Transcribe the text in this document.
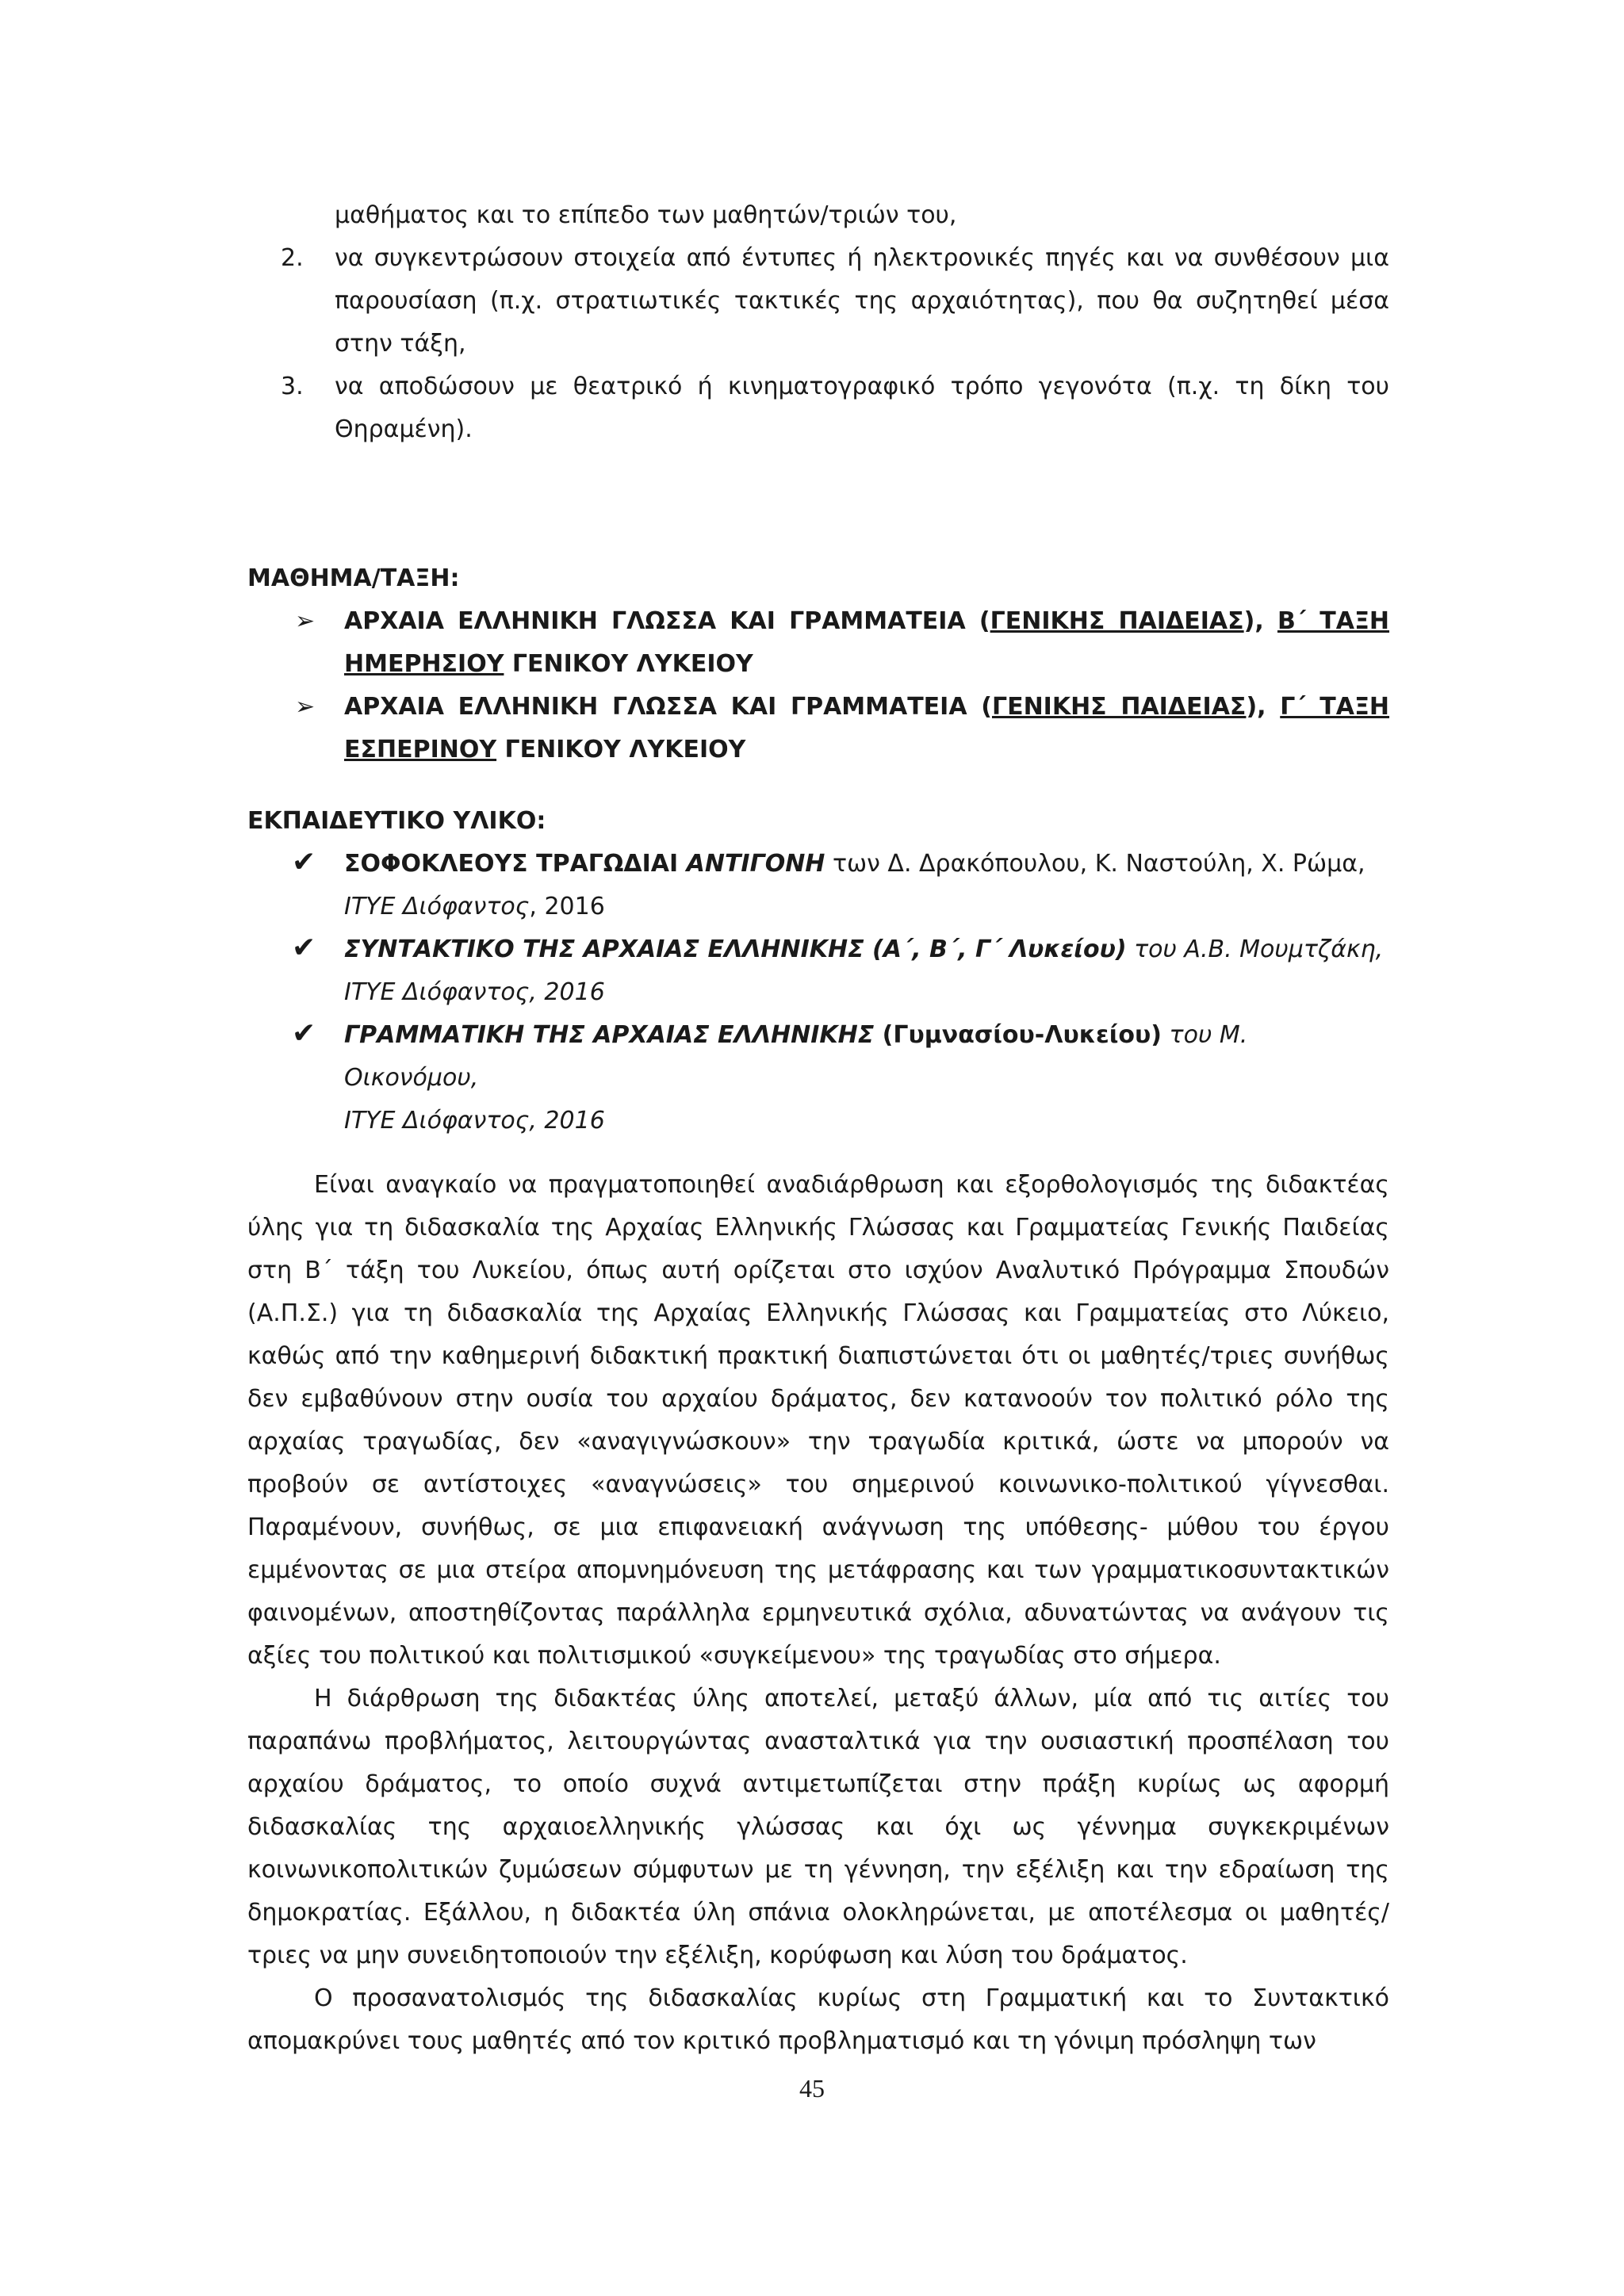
μαθήματος και το επίπεδο των μαθητών/τριών του,
2. να συγκεντρώσουν στοιχεία από έντυπες ή ηλεκτρονικές πηγές και να συνθέσουν μια παρουσίαση (π.χ. στρατιωτικές τακτικές της αρχαιότητας), που θα συζητηθεί μέσα στην τάξη,
3. να αποδώσουν με θεατρικό ή κινηματογραφικό τρόπο γεγονότα (π.χ. τη δίκη του Θηραμένη).
ΜΑΘΗΜΑ/ΤΑΞΗ:
➢ ΑΡΧΑΙΑ ΕΛΛΗΝΙΚΗ ΓΛΩΣΣΑ ΚΑΙ ΓΡΑΜΜΑΤΕΙΑ (ΓΕΝΙΚΗΣ ΠΑΙΔΕΙΑΣ), Β΄ ΤΑΞΗ ΗΜΕΡΗΣΙΟΥ ΓΕΝΙΚΟΥ ΛΥΚΕΙΟΥ
➢ ΑΡΧΑΙΑ ΕΛΛΗΝΙΚΗ ΓΛΩΣΣΑ ΚΑΙ ΓΡΑΜΜΑΤΕΙΑ (ΓΕΝΙΚΗΣ ΠΑΙΔΕΙΑΣ), Γ΄ ΤΑΞΗ ΕΣΠΕΡΙΝΟΥ ΓΕΝΙΚΟΥ ΛΥΚΕΙΟΥ
ΕΚΠΑΙΔΕΥΤΙΚΟ ΥΛΙΚΟ:
✔ ΣΟΦΟΚΛΕΟΥΣ ΤΡΑΓΩΔΙΑΙ ΑΝΤΙΓΟΝΗ των Δ. Δρακόπουλου, Κ. Ναστούλη, Χ. Ρώμα,
ΙΤΥΕ Διόφαντος, 2016
✔ ΣΥΝΤΑΚΤΙΚΟ ΤΗΣ ΑΡΧΑΙΑΣ ΕΛΛΗΝΙΚΗΣ (Α΄, Β΄, Γ΄ Λυκείου) του Α.Β. Μουμτζάκη,
ΙΤΥΕ Διόφαντος, 2016
✔ ΓΡΑΜΜΑΤΙΚΗ ΤΗΣ ΑΡΧΑΙΑΣ ΕΛΛΗΝΙΚΗΣ (Γυμνασίου-Λυκείου) του Μ. Οικονόμου,
ΙΤΥΕ Διόφαντος, 2016

Είναι αναγκαίο να πραγματοποιηθεί αναδιάρθρωση και εξορθολογισμός της διδακτέας ύλης για τη διδασκαλία της Αρχαίας Ελληνικής Γλώσσας και Γραμματείας Γενικής Παιδείας στη Β΄ τάξη του Λυκείου, όπως αυτή ορίζεται στο ισχύον Αναλυτικό Πρόγραμμα Σπουδών (Α.Π.Σ.) για τη διδασκαλία της Αρχαίας Ελληνικής Γλώσσας και Γραμματείας στο Λύκειο, καθώς από την καθημερινή διδακτική πρακτική διαπιστώνεται ότι οι μαθητές/τριες συνήθως δεν εμβαθύνουν στην ουσία του αρχαίου δράματος, δεν κατανοούν τον πολιτικό ρόλο της αρχαίας τραγωδίας, δεν «αναγιγνώσκουν» την τραγωδία κριτικά, ώστε να μπορούν να προβούν σε αντίστοιχες «αναγνώσεις» του σημερινού κοινωνικο-πολιτικού γίγνεσθαι. Παραμένουν, συνήθως, σε μια επιφανειακή ανάγνωση της υπόθεσης- μύθου του έργου εμμένοντας σε μια στείρα απομνημόνευση της μετάφρασης και των γραμματικοσυντακτικών φαινομένων, αποστηθίζοντας παράλληλα ερμηνευτικά σχόλια, αδυνατώντας να ανάγουν τις αξίες του πολιτικού και πολιτισμικού «συγκείμενου» της τραγωδίας στο σήμερα.

Η διάρθρωση της διδακτέας ύλης αποτελεί, μεταξύ άλλων, μία από τις αιτίες του παραπάνω προβλήματος, λειτουργώντας ανασταλτικά για την ουσιαστική προσπέλαση του αρχαίου δράματος, το οποίο συχνά αντιμετωπίζεται στην πράξη κυρίως ως αφορμή διδασκαλίας της αρχαιοελληνικής γλώσσας και όχι ως γέννημα συγκεκριμένων κοινωνικοπολιτικών ζυμώσεων σύμφυτων με τη γέννηση, την εξέλιξη και την εδραίωση της δημοκρατίας. Εξάλλου, η διδακτέα ύλη σπάνια ολοκληρώνεται, με αποτέλεσμα οι μαθητές/τριες να μην συνειδητοποιούν την εξέλιξη, κορύφωση και λύση του δράματος.

Ο προσανατολισμός της διδασκαλίας κυρίως στη Γραμματική και το Συντακτικό απομακρύνει τους μαθητές από τον κριτικό προβληματισμό και τη γόνιμη πρόσληψη των

45
